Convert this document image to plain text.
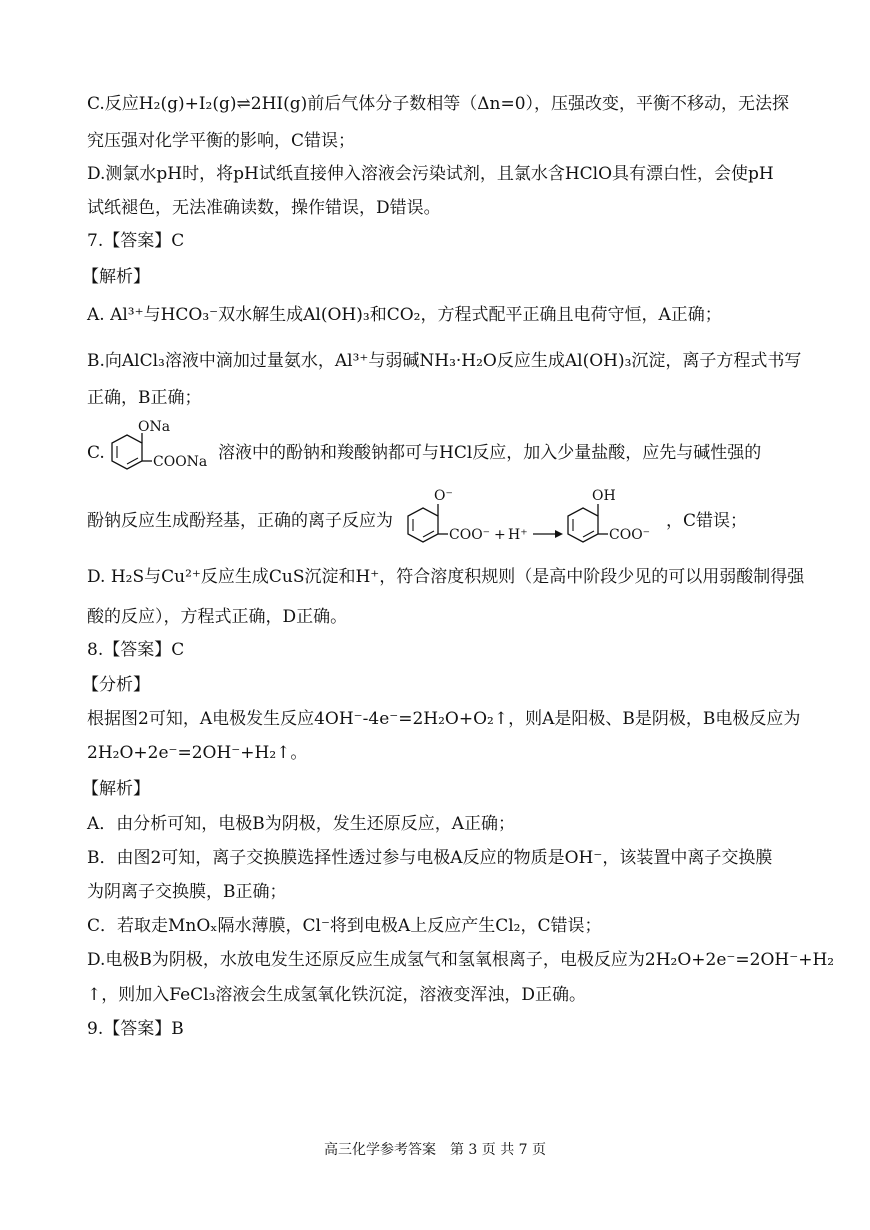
C.反应H₂(g)+I₂(g)⇌2HI(g)前后气体分子数相等（Δn=0），压强改变，平衡不移动，无法探
究压强对化学平衡的影响，C错误；
D.测氯水pH时，将pH试纸直接伸入溶液会污染试剂，且氯水含HClO具有漂白性，会使pH
试纸褪色，无法准确读数，操作错误，D错误。
7.【答案】C
【解析】
A. Al³⁺与HCO₃⁻双水解生成Al(OH)₃和CO₂，方程式配平正确且电荷守恒，A正确；
B.向AlCl₃溶液中滴加过量氨水，Al³⁺与弱碱NH₃·H₂O反应生成Al(OH)₃沉淀，离子方程式书写
正确，B正确；
C.
ONa
COONa 溶液中的酚钠和羧酸钠都可与HCl反应，加入少量盐酸，应先与碱性强的
酚钠反应生成酚羟基，正确的离子反应为
O⁻
COO⁻ + H⁺
OH
COO⁻
，C错误；
D. H₂S与Cu²⁺反应生成CuS沉淀和H⁺，符合溶度积规则（是高中阶段少见的可以用弱酸制得强
酸的反应），方程式正确，D正确。
8.【答案】C
【分析】
根据图2可知，A电极发生反应4OH⁻-4e⁻=2H₂O+O₂↑，则A是阳极、B是阴极，B电极反应为
2H₂O+2e⁻=2OH⁻+H₂↑。
【解析】
A．由分析可知，电极B为阴极，发生还原反应，A正确；
B．由图2可知，离子交换膜选择性透过参与电极A反应的物质是OH⁻，该装置中离子交换膜
为阴离子交换膜，B正确；
C．若取走MnOₓ隔水薄膜，Cl⁻将到电极A上反应产生Cl₂，C错误；
D.电极B为阴极，水放电发生还原反应生成氢气和氢氧根离子，电极反应为2H₂O+2e⁻=2OH⁻+H₂
↑，则加入FeCl₃溶液会生成氢氧化铁沉淀，溶液变浑浊，D正确。
9.【答案】B
高三化学参考答案　第 3 页 共 7 页
